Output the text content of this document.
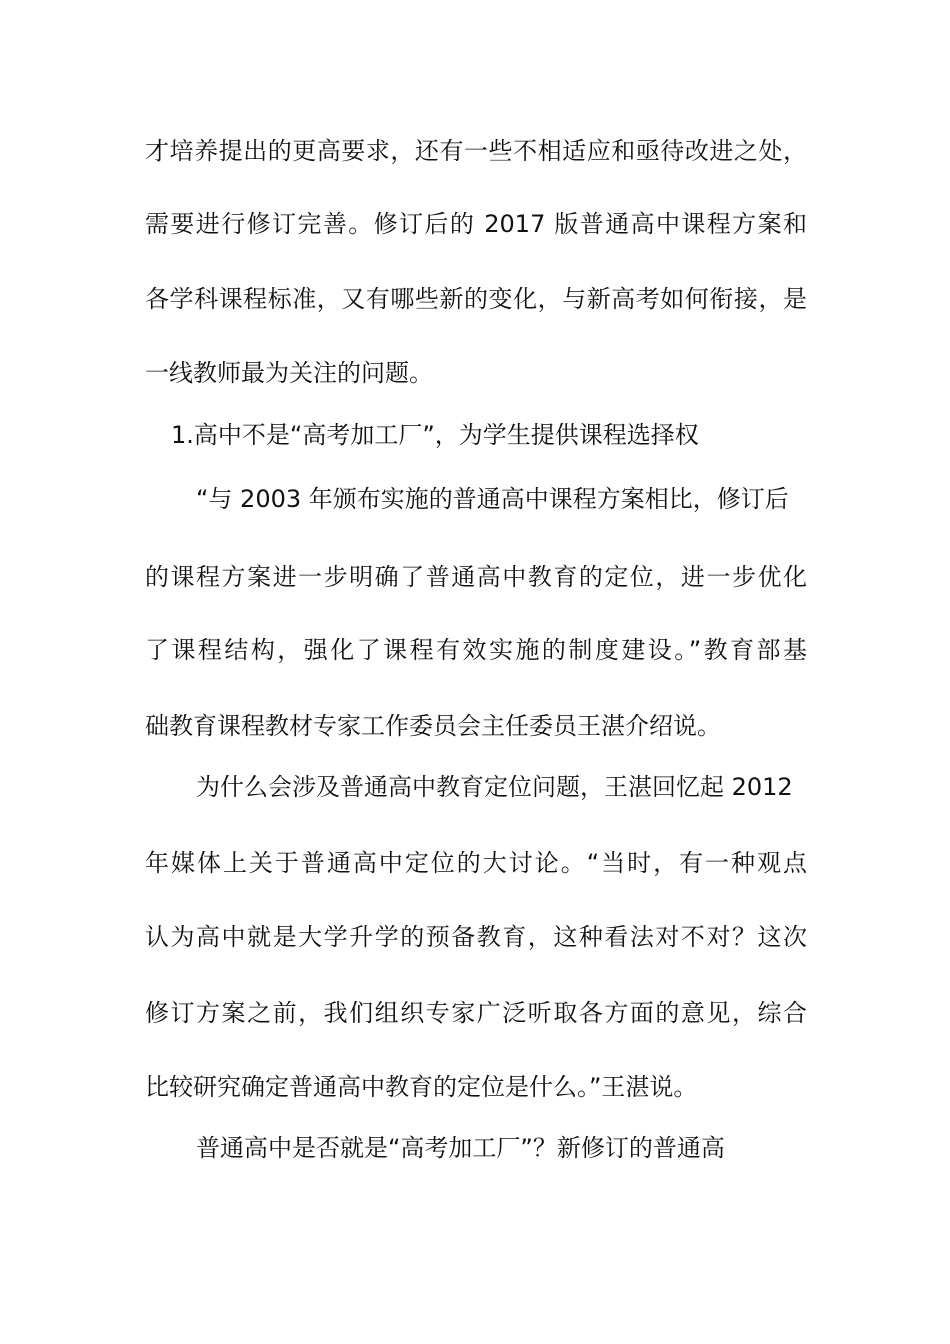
才培养提出的更高要求，还有一些不相适应和亟待改进之处，
需要进行修订完善。修订后的 2017 版普通高中课程方案和
各学科课程标准，又有哪些新的变化，与新高考如何衔接，是
一线教师最为关注的问题。
1.高中不是“高考加工厂”，为学生提供课程选择权
“与 2003 年颁布实施的普通高中课程方案相比，修订后
的课程方案进一步明确了普通高中教育的定位，进一步优化
了课程结构，强化了课程有效实施的制度建设。”教育部基
础教育课程教材专家工作委员会主任委员王湛介绍说。
为什么会涉及普通高中教育定位问题，王湛回忆起 2012
年媒体上关于普通高中定位的大讨论。“当时，有一种观点
认为高中就是大学升学的预备教育，这种看法对不对？这次
修订方案之前，我们组织专家广泛听取各方面的意见，综合
比较研究确定普通高中教育的定位是什么。”王湛说。
普通高中是否就是“高考加工厂”？新修订的普通高
